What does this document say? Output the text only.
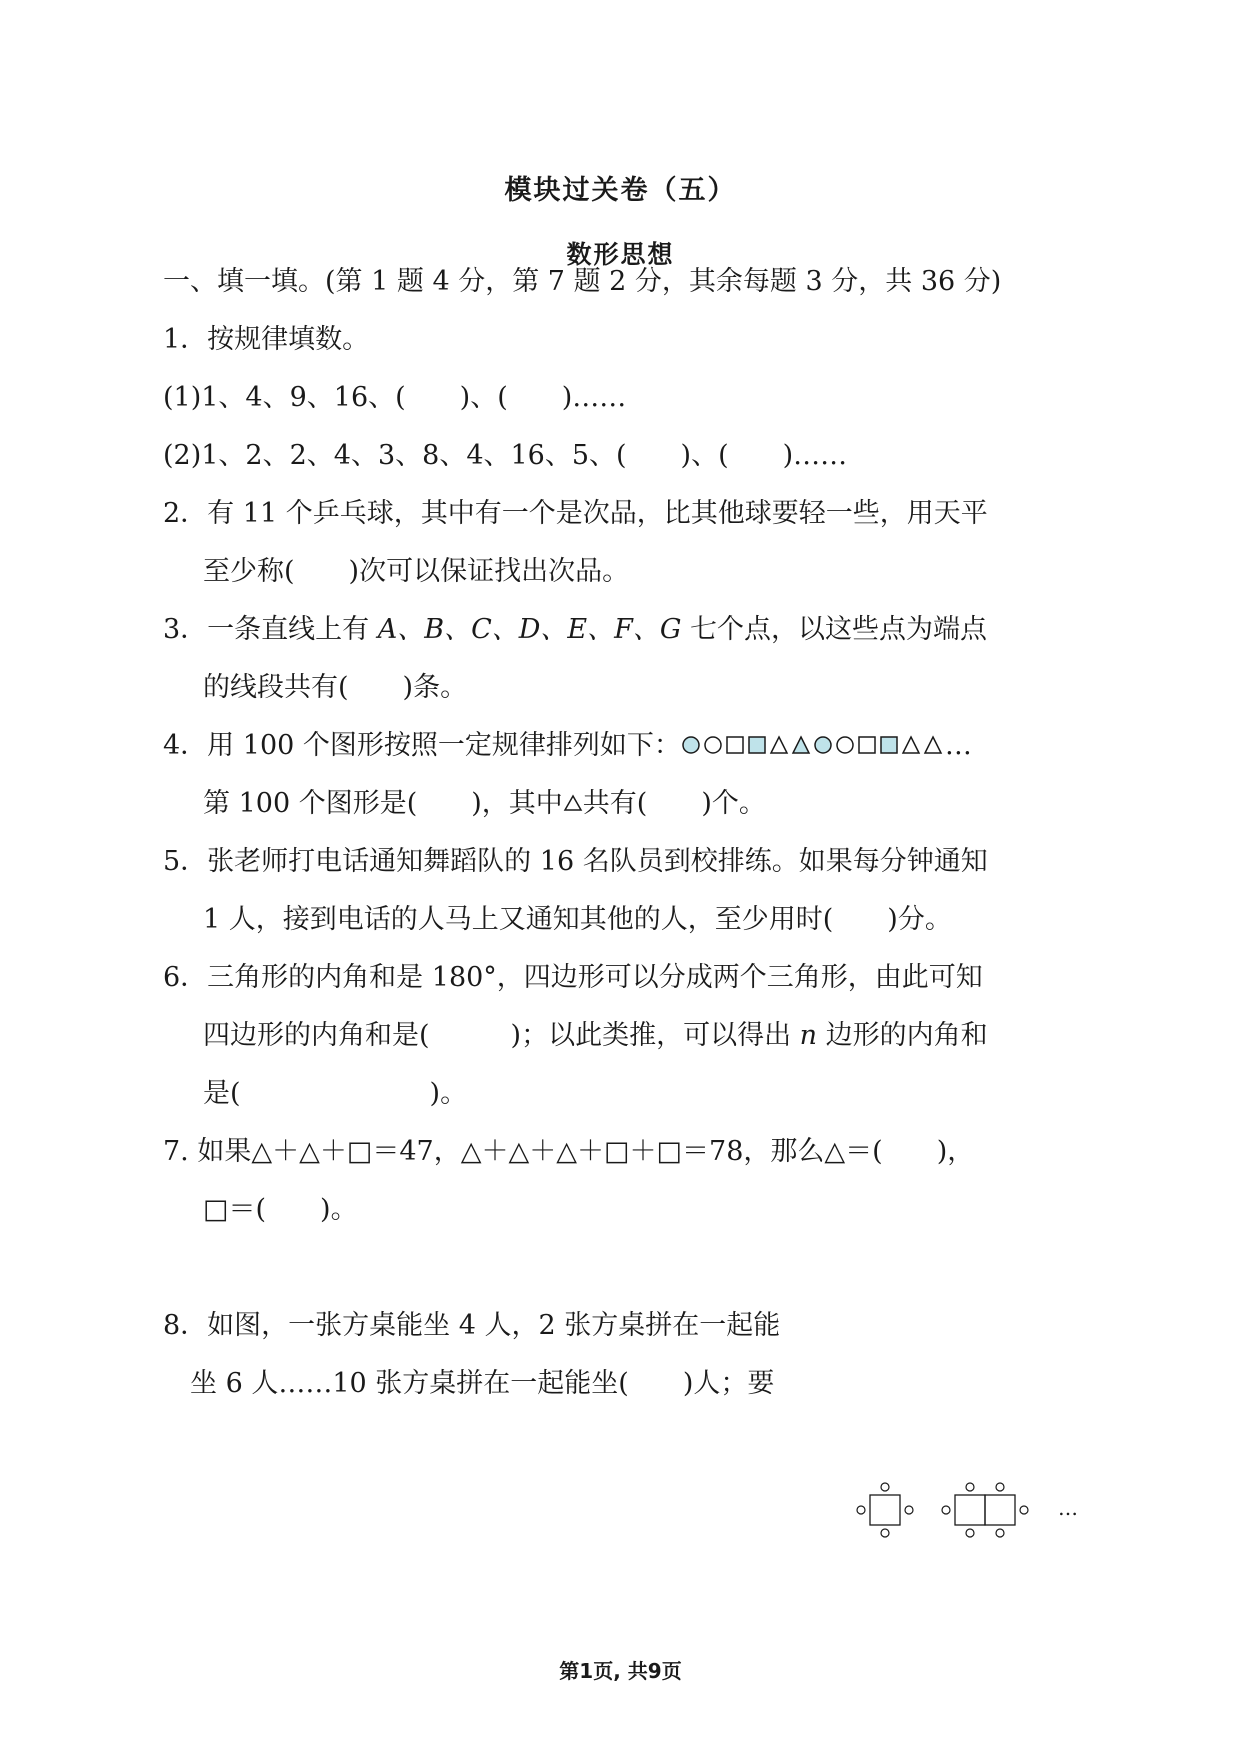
模块过关卷（五）
数形思想
一、填一填。(第 1 题 4 分，第 7 题 2 分，其余每题 3 分，共 36 分)
1．按规律填数。
(1)1、4、9、16、(　　)、(　　)……
(2)1、2、2、4、3、8、4、16、5、(　　)、(　　)……
2．有 11 个乒乓球，其中有一个是次品，比其他球要轻一些，用天平
至少称(　　)次可以保证找出次品。
3．一条直线上有 A、B、C、D、E、F、G 七个点，以这些点为端点
的线段共有(　　)条。
4．用 100 个图形按照一定规律排列如下：	…
第 100 个图形是(　　)，其中 共有(　　)个。
5．张老师打电话通知舞蹈队的 16 名队员到校排练。如果每分钟通知
1 人，接到电话的人马上又通知其他的人，至少用时(　　)分。
6．三角形的内角和是 180°，四边形可以分成两个三角形，由此可知
四边形的内角和是(　　　)；以此类推，可以得出 n 边形的内角和
是(　　　　　　　)。
7. 如果△＋△＋□＝47，△＋△＋△＋□＋□＝78，那么△＝(　　)，
□＝(　　)。
8．如图，一张方桌能坐 4 人，2 张方桌拼在一起能
坐 6 人……10 张方桌拼在一起能坐(　　)人；要
…
第1页, 共9页
